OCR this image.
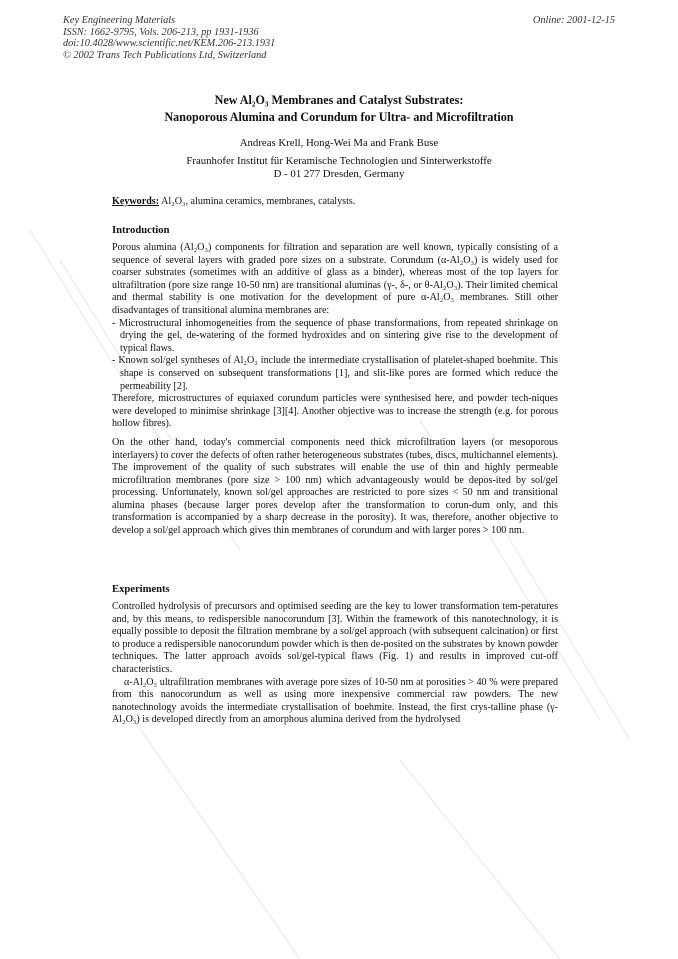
Key Engineering Materials
ISSN: 1662-9795, Vols. 206-213, pp 1931-1936
doi:10.4028/www.scientific.net/KEM.206-213.1931
© 2002 Trans Tech Publications Ltd, Switzerland
Online: 2001-12-15
New Al₂O₃ Membranes and Catalyst Substrates:
Nanoporous Alumina and Corundum for Ultra- and Microfiltration
Andreas Krell, Hong-Wei Ma and Frank Buse
Fraunhofer Institut für Keramische Technologien und Sinterwerkstoffe
D - 01 277 Dresden, Germany
Keywords: Al₂O₃, alumina ceramics, membranes, catalysts.
Introduction

Porous alumina (Al₂O₃) components for filtration and separation are well known, typically consisting of a sequence of several layers with graded pore sizes on a substrate. Corundum (α-Al₂O₃) is widely used for coarser substrates (sometimes with an additive of glass as a binder), whereas most of the top layers for ultrafiltration (pore size range 10-50 nm) are transitional aluminas (γ-, δ-, or θ-Al₂O₃). Their limited chemical and thermal stability is one motivation for the development of pure α-Al₂O₃ membranes. Still other disadvantages of transitional alumina membranes are:

- Microstructural inhomogeneities from the sequence of phase transformations, from repeated shrinkage on drying the gel, de-watering of the formed hydroxides and on sintering give rise to the development of typical flaws.

- Known sol/gel syntheses of Al₂O₃ include the intermediate crystallisation of platelet-shaped boehmite. This shape is conserved on subsequent transformations [1], and slit-like pores are formed which reduce the permeability [2].

Therefore, microstructures of equiaxed corundum particles were synthesised here, and powder tech-niques were developed to minimise shrinkage [3][4]. Another objective was to increase the strength (e.g. for porous hollow fibres).

On the other hand, today's commercial components need thick microfiltration layers (or mesoporous interlayers) to cover the defects of often rather heterogeneous substrates (tubes, discs, multichannel elements). The improvement of the quality of such substrates will enable the use of thin and highly permeable microfiltration membranes (pore size > 100 nm) which advantageously would be depos-ited by sol/gel processing. Unfortunately, known sol/gel approaches are restricted to pore sizes < 50 nm and transitional alumina phases (because larger pores develop after the transformation to corun-dum only, and this transformation is accompanied by a sharp decrease in the porosity). It was, therefore, another objective to develop a sol/gel approach which gives thin membranes of corundum and with larger pores > 100 nm.

Experiments

Controlled hydrolysis of precursors and optimised seeding are the key to lower transformation tem-peratures and, by this means, to redispersible nanocorundum [3]. Within the framework of this nanotechnology, it is equally possible to deposit the filtration membrane by a sol/gel approach (with subsequent calcination) or first to produce a redispersible nanocorundum powder which is then de-posited on the substrates by known powder techniques. The latter approach avoids sol/gel-typical flaws (Fig. 1) and results in improved cut-off characteristics.

α-Al₂O₃ ultrafiltration membranes with average pore sizes of 10-50 nm at porosities > 40 % were prepared from this nanocorundum as well as using more inexpensive commercial raw powders. The new nanotechnology avoids the intermediate crystallisation of boehmite. Instead, the first crys-talline phase (γ-Al₂O₃) is developed directly from an amorphous alumina derived from the hydrolysed
